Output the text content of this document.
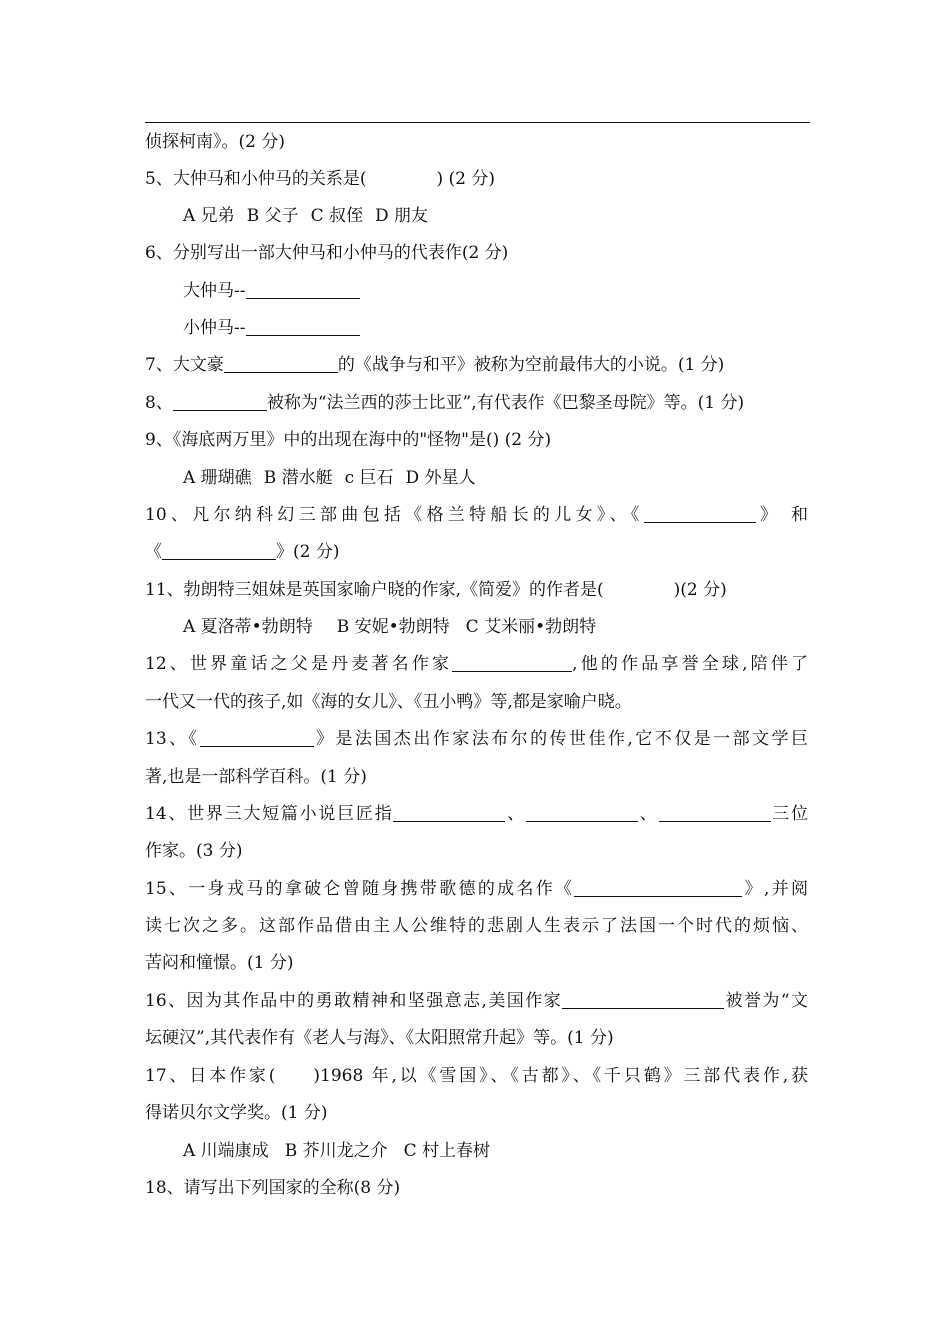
侦探柯南》。(2 分)
5、大仲马和小仲马的关系是(	) (2 分)
A 兄弟 B 父子 C 叔侄 D 朋友
6、分别写出一部大仲马和小仲马的代表作(2 分)
大仲马--
小仲马--
7、大文豪	的《战争与和平》被称为空前最伟大的小说。(1 分)
8、	被称为“法兰西的莎士比亚”,有代表作《巴黎圣母院》等。(1 分)
9、《海底两万里》中的出现在海中的"怪物"是() (2 分)
A 珊瑚礁 B 潜水艇 c 巨石 D 外星人
10、凡尔纳科幻三部曲包括《格兰特船长的儿女》、《	》 和
《	》(2 分)
11、勃朗特三姐妹是英国家喻户晓的作家,《简爱》的作者是(	)(2 分)
A 夏洛蒂•勃朗特 B 安妮•勃朗特 C 艾米丽•勃朗特
12、世界童话之父是丹麦著名作家	,他的作品享誉全球,陪伴了
一代又一代的孩子,如《海的女儿》、《丑小鸭》等,都是家喻户晓。
13、《	》是法国杰出作家法布尔的传世佳作,它不仅是一部文学巨
著,也是一部科学百科。(1 分)
14、世界三大短篇小说巨匠指	、	、	三位
作家。(3 分)
15、一身戎马的拿破仑曾随身携带歌德的成名作《	》,并阅
读七次之多。这部作品借由主人公维特的悲剧人生表示了法国一个时代的烦恼、
苦闷和憧憬。(1 分)
16、因为其作品中的勇敢精神和坚强意志,美国作家	被誉为“文
坛硬汉”,其代表作有《老人与海》、《太阳照常升起》等。(1 分)
17、日本作家( )1968 年,以《雪国》、《古都》、《千只鹤》三部代表作,获
得诺贝尔文学奖。(1 分)
A 川端康成 B 芥川龙之介 C 村上春树
18、请写出下列国家的全称(8 分)
